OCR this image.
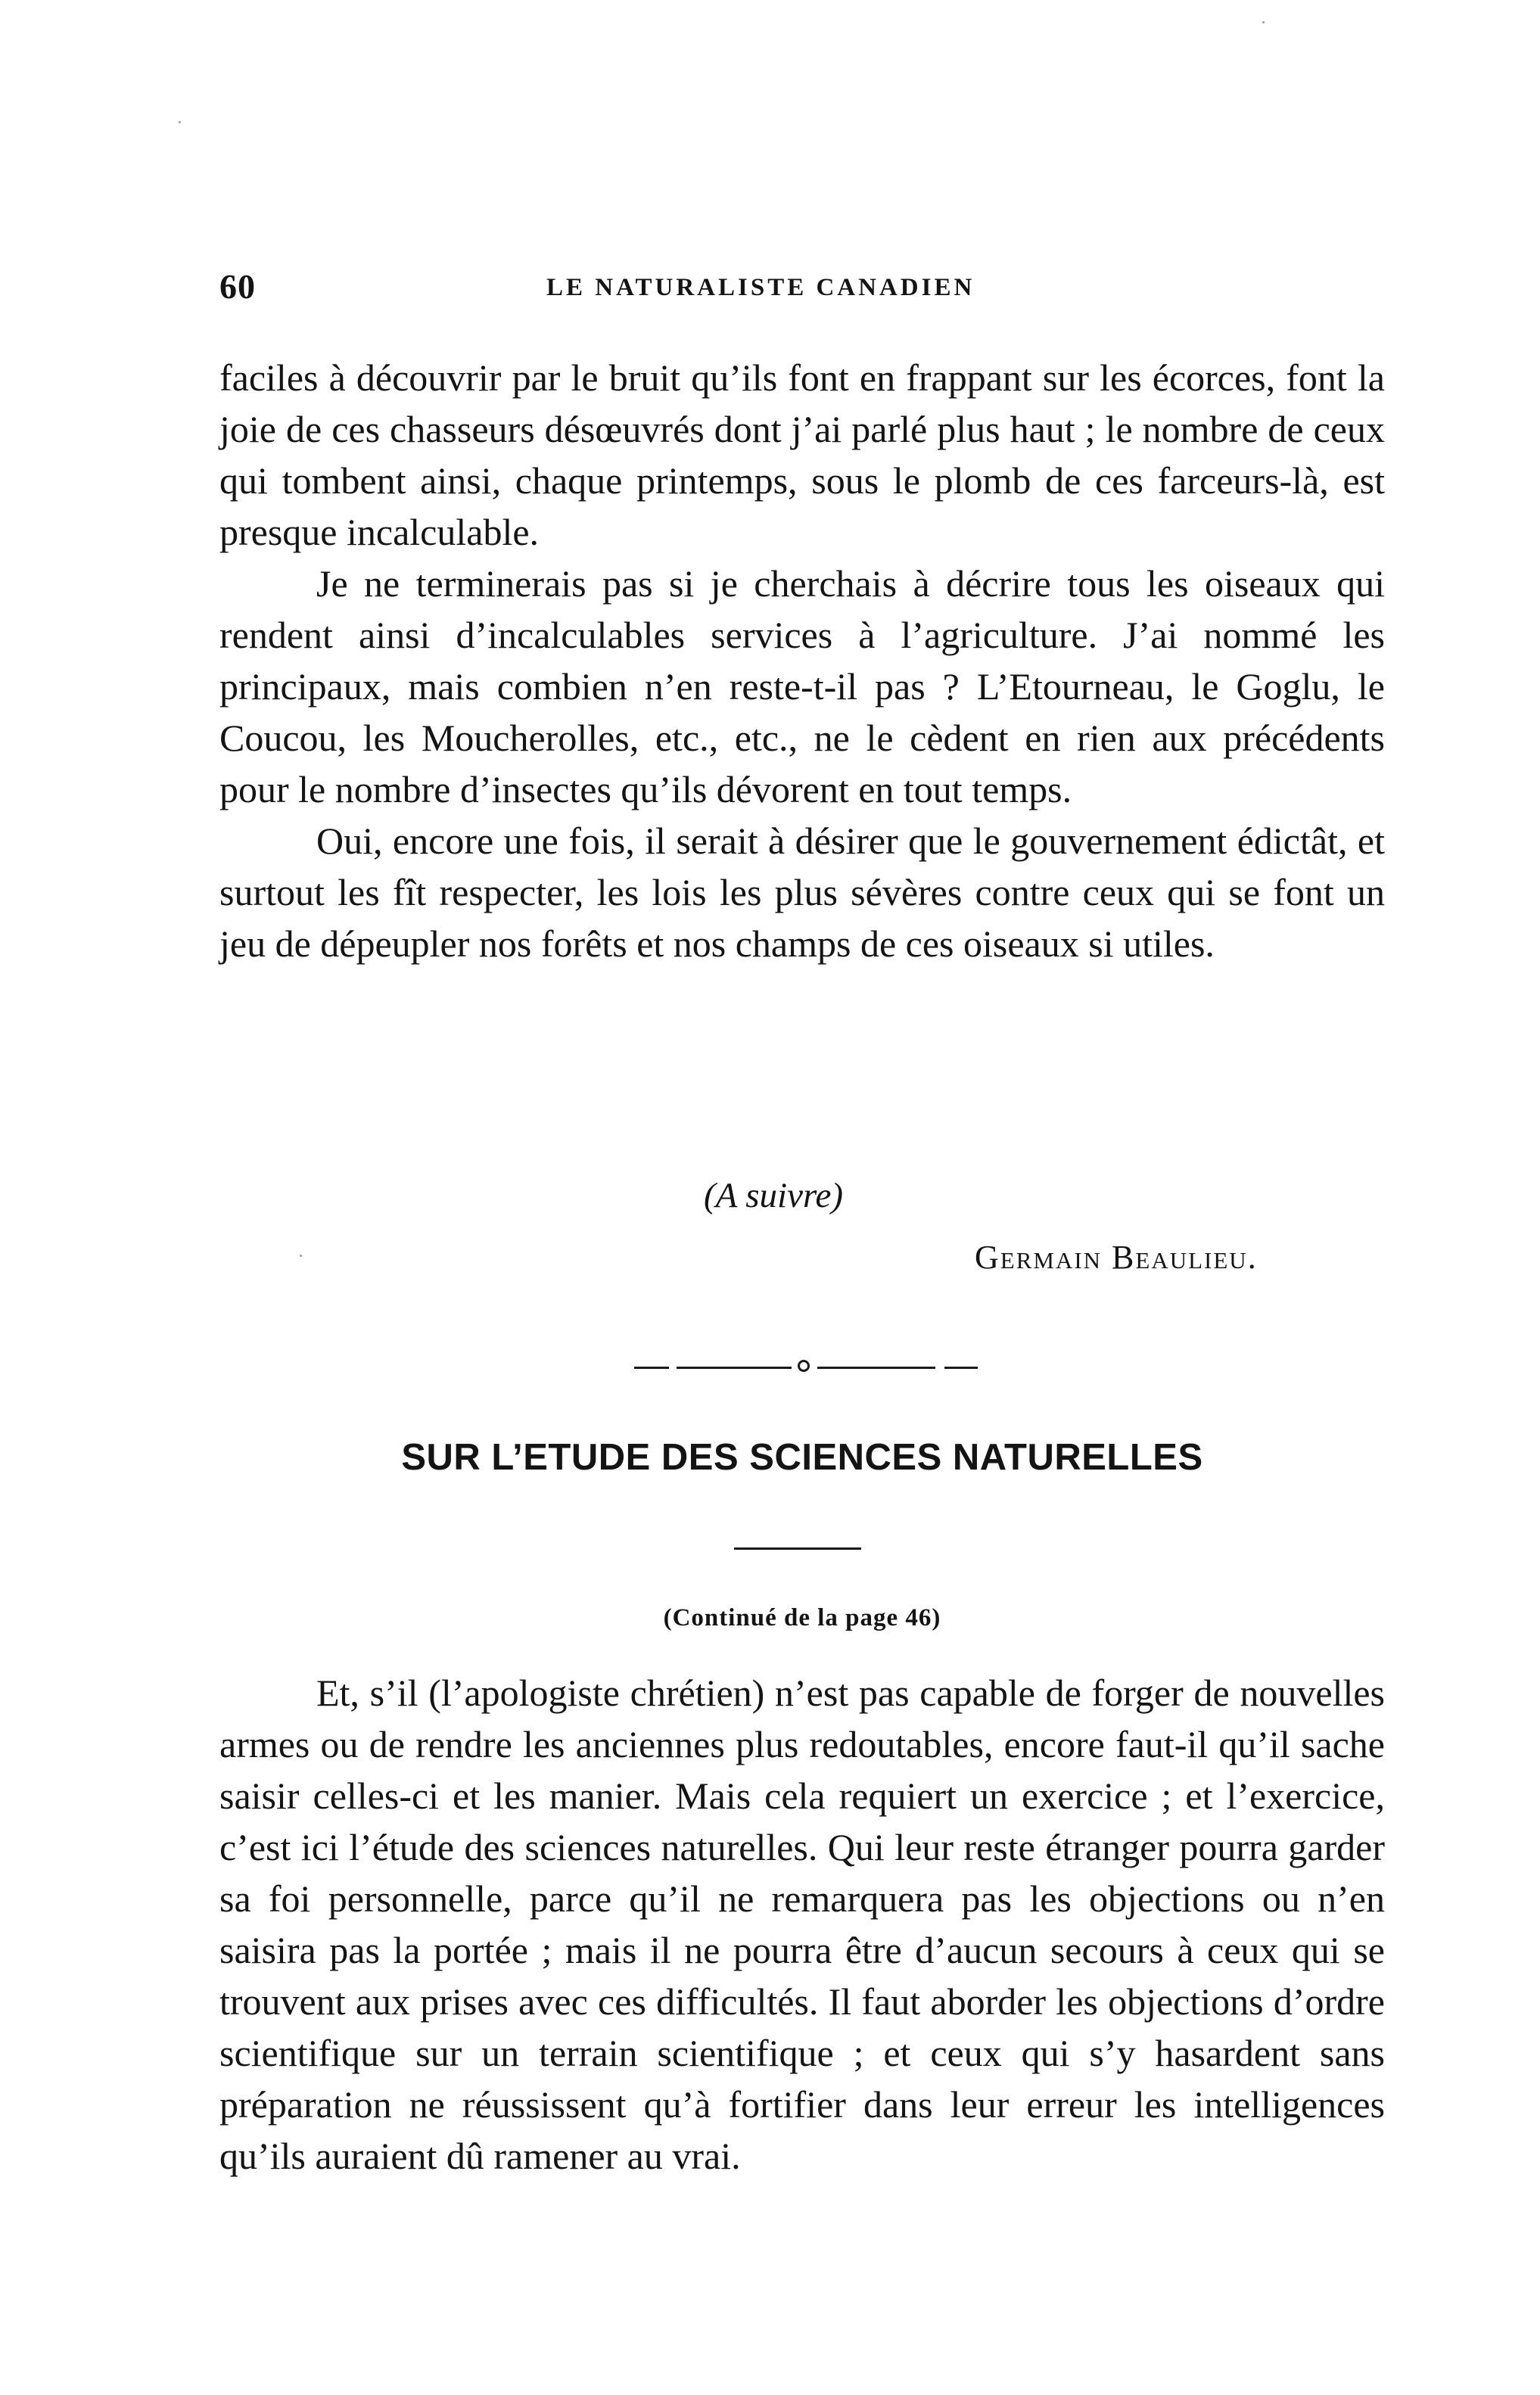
60	LE NATURALISTE CANADIEN

faciles à découvrir par le bruit qu’ils font en frappant sur les écorces, font la joie de ces chasseurs désœuvrés dont j’ai parlé plus haut ; le nombre de ceux qui tombent ainsi, chaque printemps, sous le plomb de ces farceurs-là, est presque incalculable.

Je ne terminerais pas si je cherchais à décrire tous les oiseaux qui rendent ainsi d’incalculables services à l’agriculture. J’ai nommé les principaux, mais combien n’en reste-t-il pas ? L’Etourneau, le Goglu, le Coucou, les Moucherolles, etc., etc., ne le cèdent en rien aux précédents pour le nombre d’insectes qu’ils dévorent en tout temps.

Oui, encore une fois, il serait à désirer que le gouvernement édictât, et surtout les fît respecter, les lois les plus sévères contre ceux qui se font un jeu de dépeupler nos forêts et nos champs de ces oiseaux si utiles.

(A suivre)
Germain Beaulieu.
SUR L’ETUDE DES SCIENCES NATURELLES
(Continué de la page 46)

Et, s’il (l’apologiste chrétien) n’est pas capable de forger de nouvelles armes ou de rendre les anciennes plus redoutables, encore faut-il qu’il sache saisir celles-ci et les manier. Mais cela requiert un exercice ; et l’exercice, c’est ici l’étude des sciences naturelles. Qui leur reste étranger pourra garder sa foi personnelle, parce qu’il ne remarquera pas les objections ou n’en saisira pas la portée ; mais il ne pourra être d’aucun secours à ceux qui se trouvent aux prises avec ces difficultés. Il faut aborder les objections d’ordre scientifique sur un terrain scientifique ; et ceux qui s’y hasardent sans préparation ne réussissent qu’à fortifier dans leur erreur les intelligences qu’ils auraient dû ramener au vrai.
